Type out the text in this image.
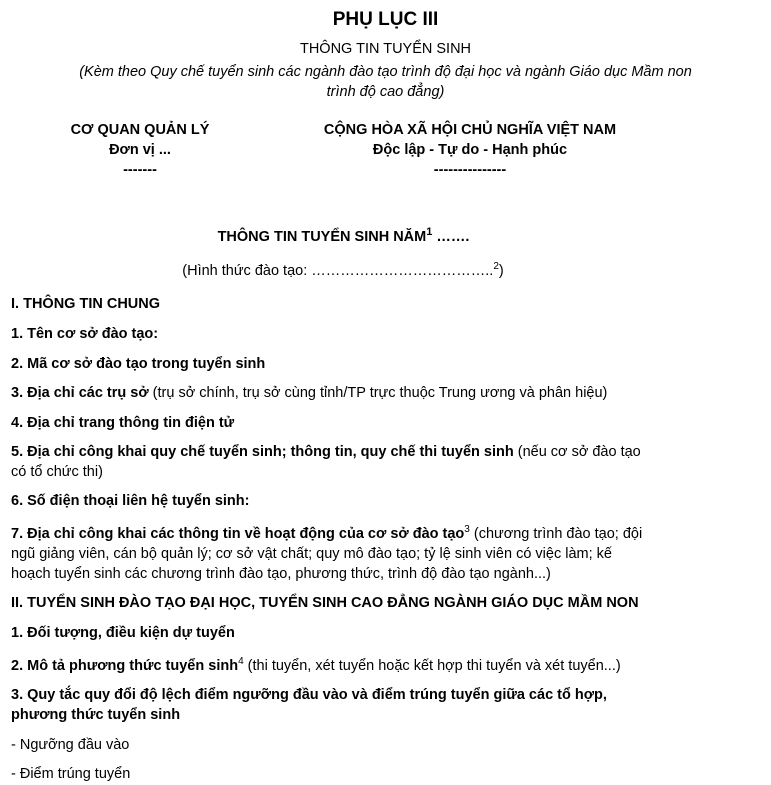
PHỤ LỤC III
THÔNG TIN TUYỂN SINH
(Kèm theo Quy chế tuyển sinh các ngành đào tạo trình độ đại học và ngành Giáo dục Mầm non
trình độ cao đẳng)
CƠ QUAN QUẢN LÝ
Đơn vị ...
-------
CỘNG HÒA XÃ HỘI CHỦ NGHĨA VIỆT NAM
Độc lập - Tự do - Hạnh phúc
---------------
THÔNG TIN TUYỂN SINH NĂM$^1$ …….
(Hình thức đào tạo: ………………………………..$^2$)
I. THÔNG TIN CHUNG
1. Tên cơ sở đào tạo:
2. Mã cơ sở đào tạo trong tuyển sinh
3. Địa chỉ các trụ sở (trụ sở chính, trụ sở cùng tỉnh/TP trực thuộc Trung ương và phân hiệu)
4. Địa chỉ trang thông tin điện tử
5. Địa chỉ công khai quy chế tuyển sinh; thông tin, quy chế thi tuyển sinh (nếu cơ sở đào tạo
có tổ chức thi)
6. Số điện thoại liên hệ tuyển sinh:
7. Địa chỉ công khai các thông tin về hoạt động của cơ sở đào tạo$^3$ (chương trình đào tạo; đội
ngũ giảng viên, cán bộ quản lý; cơ sở vật chất; quy mô đào tạo; tỷ lệ sinh viên có việc làm; kế
hoạch tuyển sinh các chương trình đào tạo, phương thức, trình độ đào tạo ngành...)
II. TUYỂN SINH ĐÀO TẠO ĐẠI HỌC, TUYỂN SINH CAO ĐẲNG NGÀNH GIÁO DỤC MẦM NON
1. Đối tượng, điều kiện dự tuyển
2. Mô tả phương thức tuyển $\sinh^4 (thi$ tuyển, xét tuyển hoặc kết hợp thi tuyển và xét tuyển...)
3. Quy tắc quy đổi độ lệch điểm ngưỡng đầu vào và điểm trúng tuyển giữa các tổ hợp,
phương thức tuyển sinh
- Ngưỡng đầu vào
- Điểm trúng tuyển
